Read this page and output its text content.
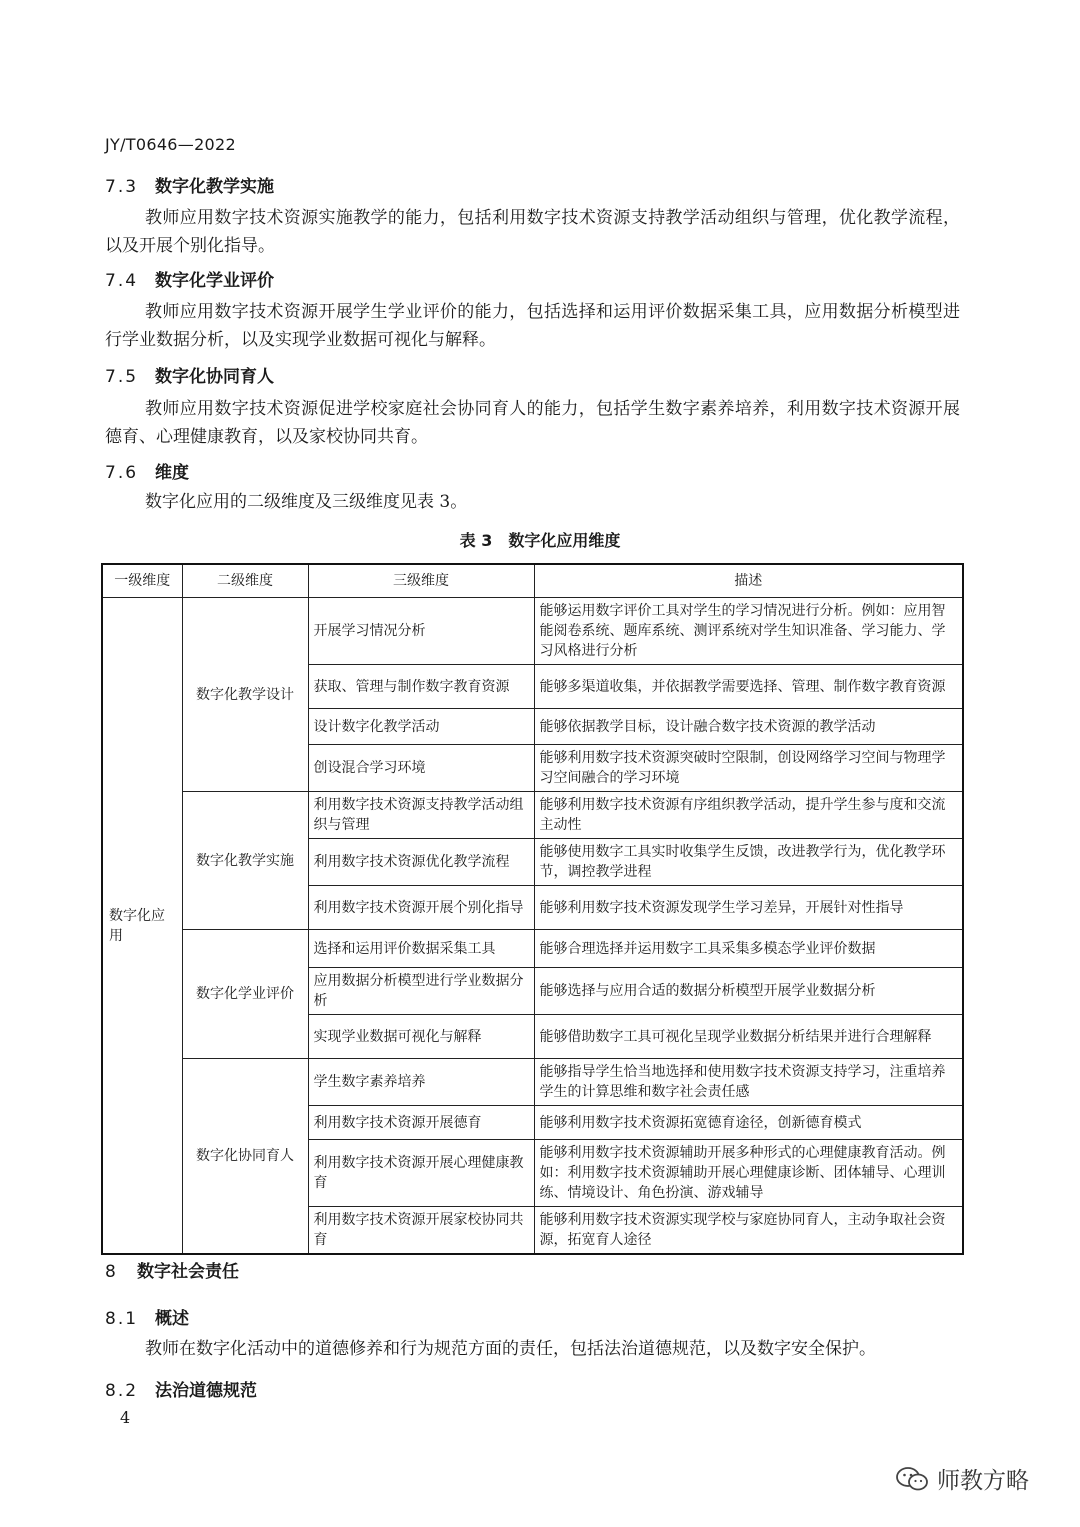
JY/T0646—2022
7.3 数字化教学实施
教师应用数字技术资源实施教学的能力，包括利用数字技术资源支持教学活动组织与管理，优化教学流程，以及开展个别化指导。
7.4 数字化学业评价
教师应用数字技术资源开展学生学业评价的能力，包括选择和运用评价数据采集工具，应用数据分析模型进行学业数据分析，以及实现学业数据可视化与解释。
7.5 数字化协同育人
教师应用数字技术资源促进学校家庭社会协同育人的能力，包括学生数字素养培养，利用数字技术资源开展德育、心理健康教育，以及家校协同共育。
7.6 维度
数字化应用的二级维度及三级维度见表 3。
表 3　数字化应用维度
一级维度	二级维度	三级维度	描述
数字化应用	数字化教学设计	开展学习情况分析	能够运用数字评价工具对学生的学习情况进行分析。例如：应用智能阅卷系统、题库系统、测评系统对学生知识准备、学习能力、学习风格进行分析
		获取、管理与制作数字教育资源	能够多渠道收集，并依据教学需要选择、管理、制作数字教育资源
		设计数字化教学活动	能够依据教学目标，设计融合数字技术资源的教学活动
		创设混合学习环境	能够利用数字技术资源突破时空限制，创设网络学习空间与物理学习空间融合的学习环境
	数字化教学实施	利用数字技术资源支持教学活动组织与管理	能够利用数字技术资源有序组织教学活动，提升学生参与度和交流主动性
		利用数字技术资源优化教学流程	能够使用数字工具实时收集学生反馈，改进教学行为，优化教学环节，调控教学进程
		利用数字技术资源开展个别化指导	能够利用数字技术资源发现学生学习差异，开展针对性指导
	数字化学业评价	选择和运用评价数据采集工具	能够合理选择并运用数字工具采集多模态学业评价数据
		应用数据分析模型进行学业数据分析	能够选择与应用合适的数据分析模型开展学业数据分析
		实现学业数据可视化与解释	能够借助数字工具可视化呈现学业数据分析结果并进行合理解释
	数字化协同育人	学生数字素养培养	能够指导学生恰当地选择和使用数字技术资源支持学习，注重培养学生的计算思维和数字社会责任感
		利用数字技术资源开展德育	能够利用数字技术资源拓宽德育途径，创新德育模式
		利用数字技术资源开展心理健康教育	能够利用数字技术资源辅助开展多种形式的心理健康教育活动。例如：利用数字技术资源辅助开展心理健康诊断、团体辅导、心理训练、情境设计、角色扮演、游戏辅导
		利用数字技术资源开展家校协同共育	能够利用数字技术资源实现学校与家庭协同育人，主动争取社会资源，拓宽育人途径
8 数字社会责任
8.1 概述
教师在数字化活动中的道德修养和行为规范方面的责任，包括法治道德规范，以及数字安全保护。
8.2 法治道德规范
4
师教方略
